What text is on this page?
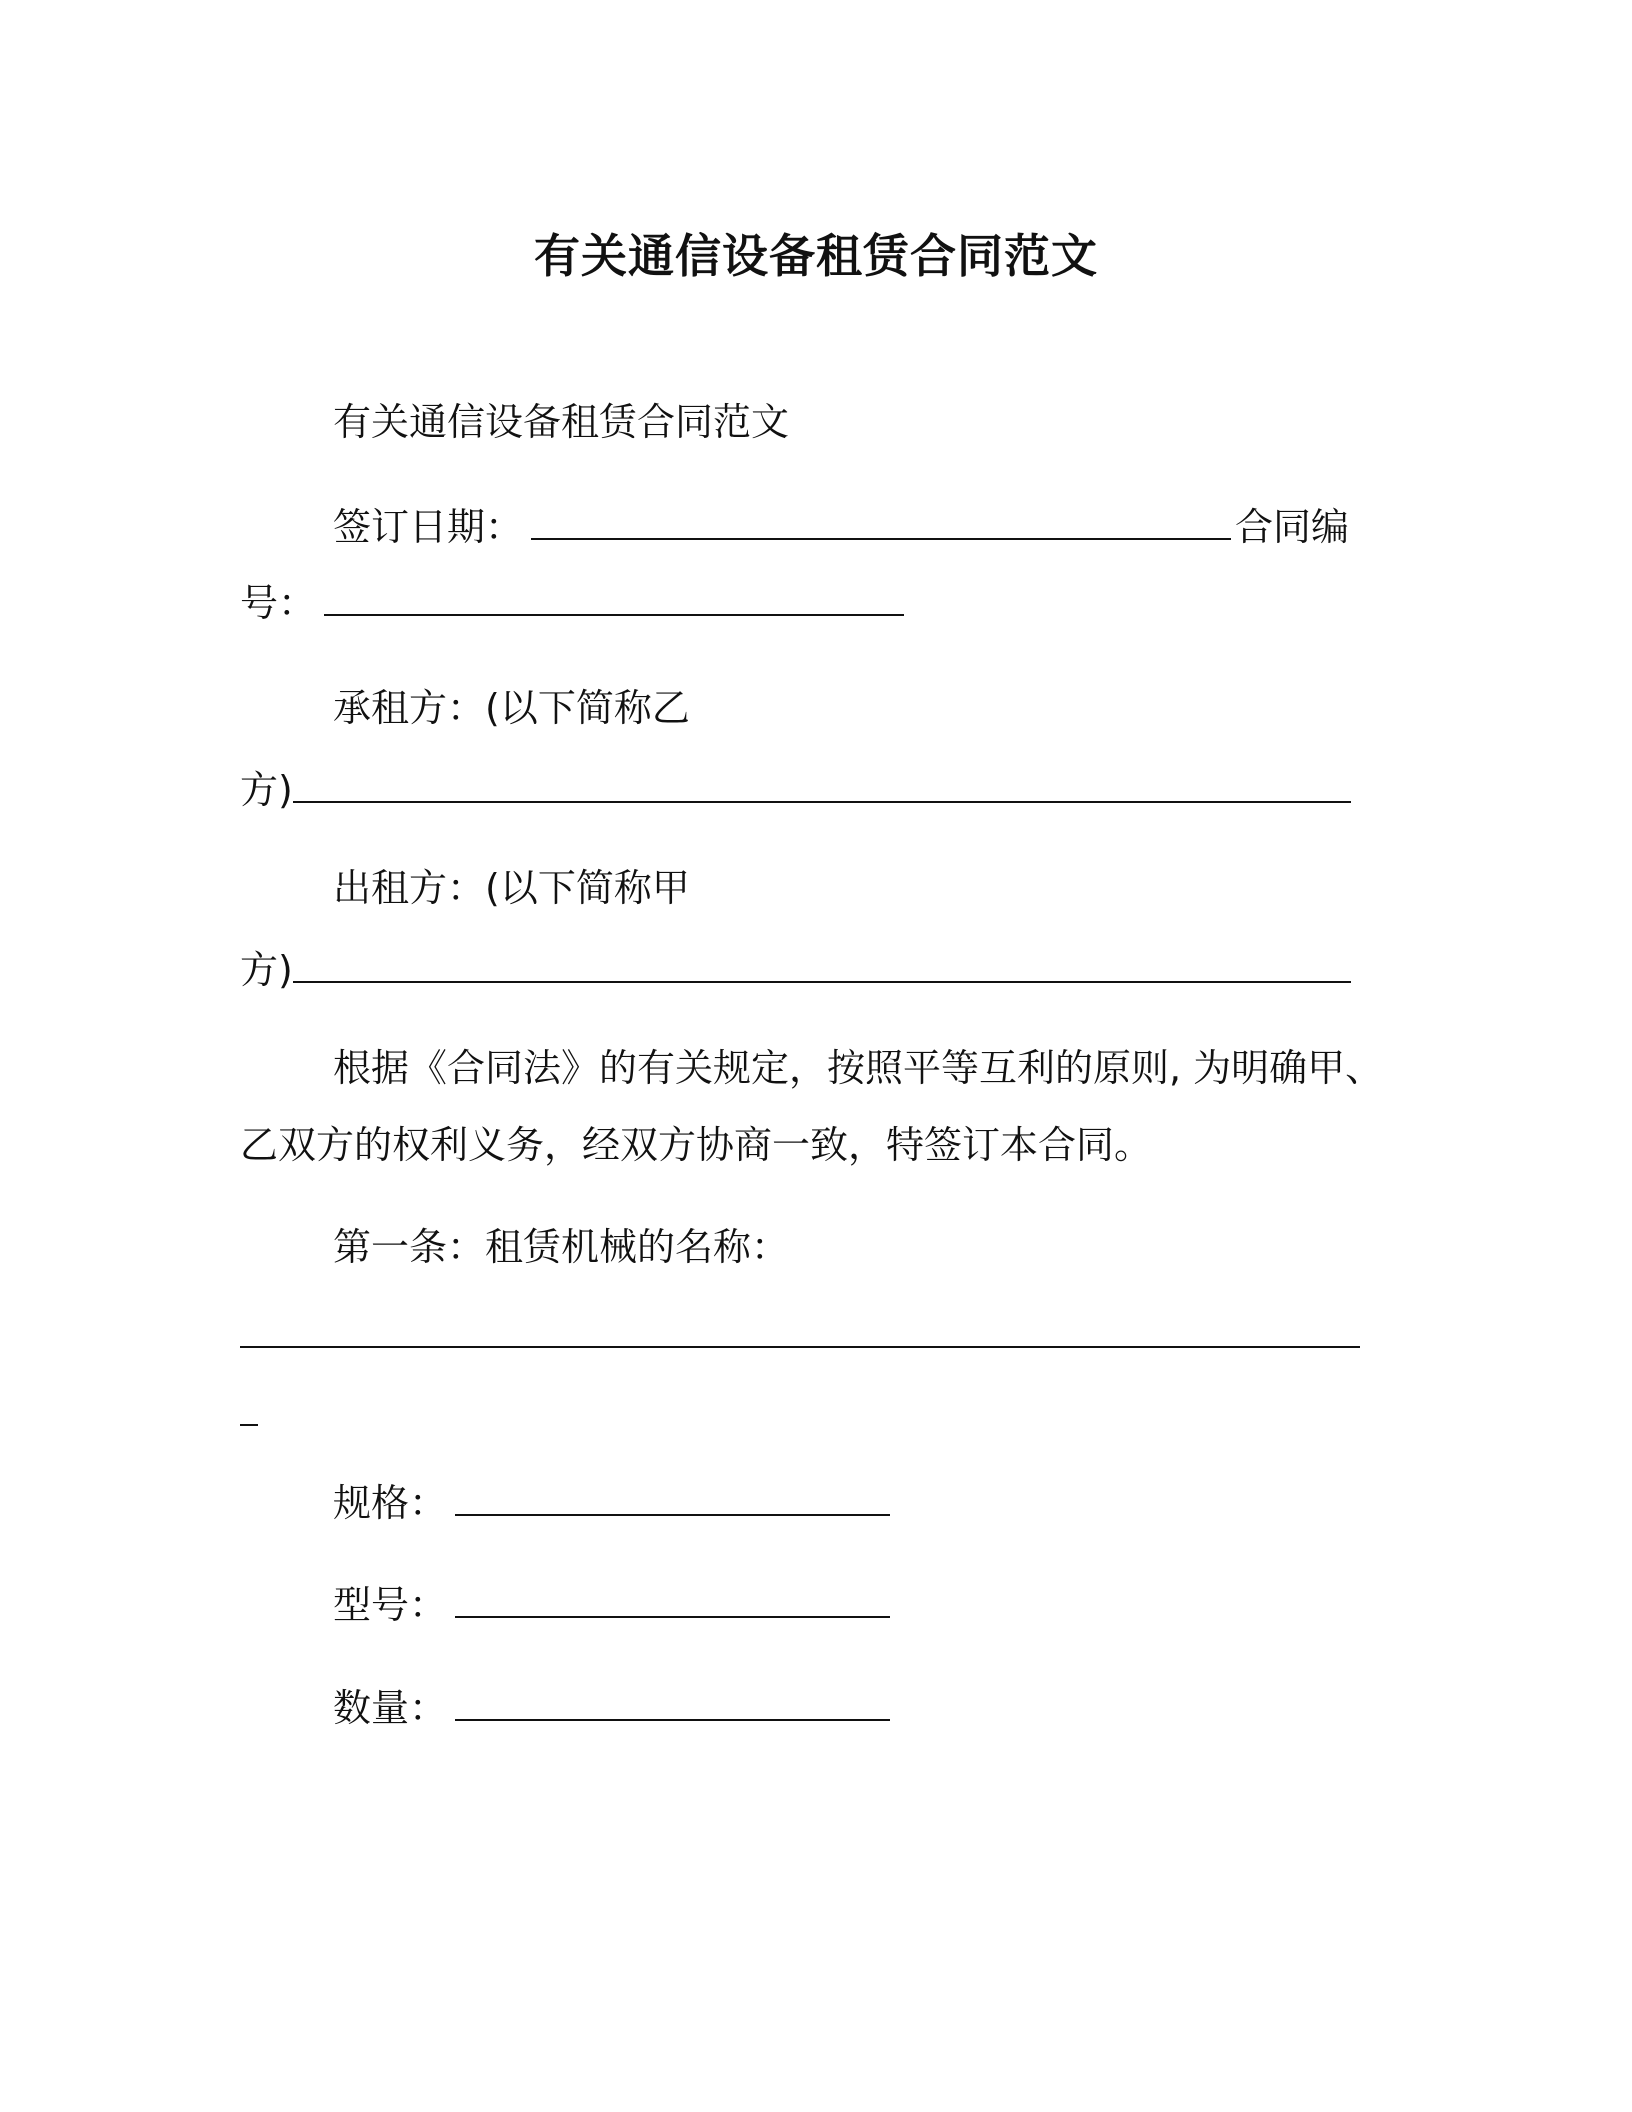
有关通信设备租赁合同范文
有关通信设备租赁合同范文
签订日期：	合同编
号：
承租方：(以下简称乙
方)
出租方：(以下简称甲
方)
根据《合同法》的有关规定，按照平等互利的原则, 为明确甲、
乙双方的权利义务，经双方协商一致，特签订本合同。
第一条：租赁机械的名称：
规格：
型号：
数量：
